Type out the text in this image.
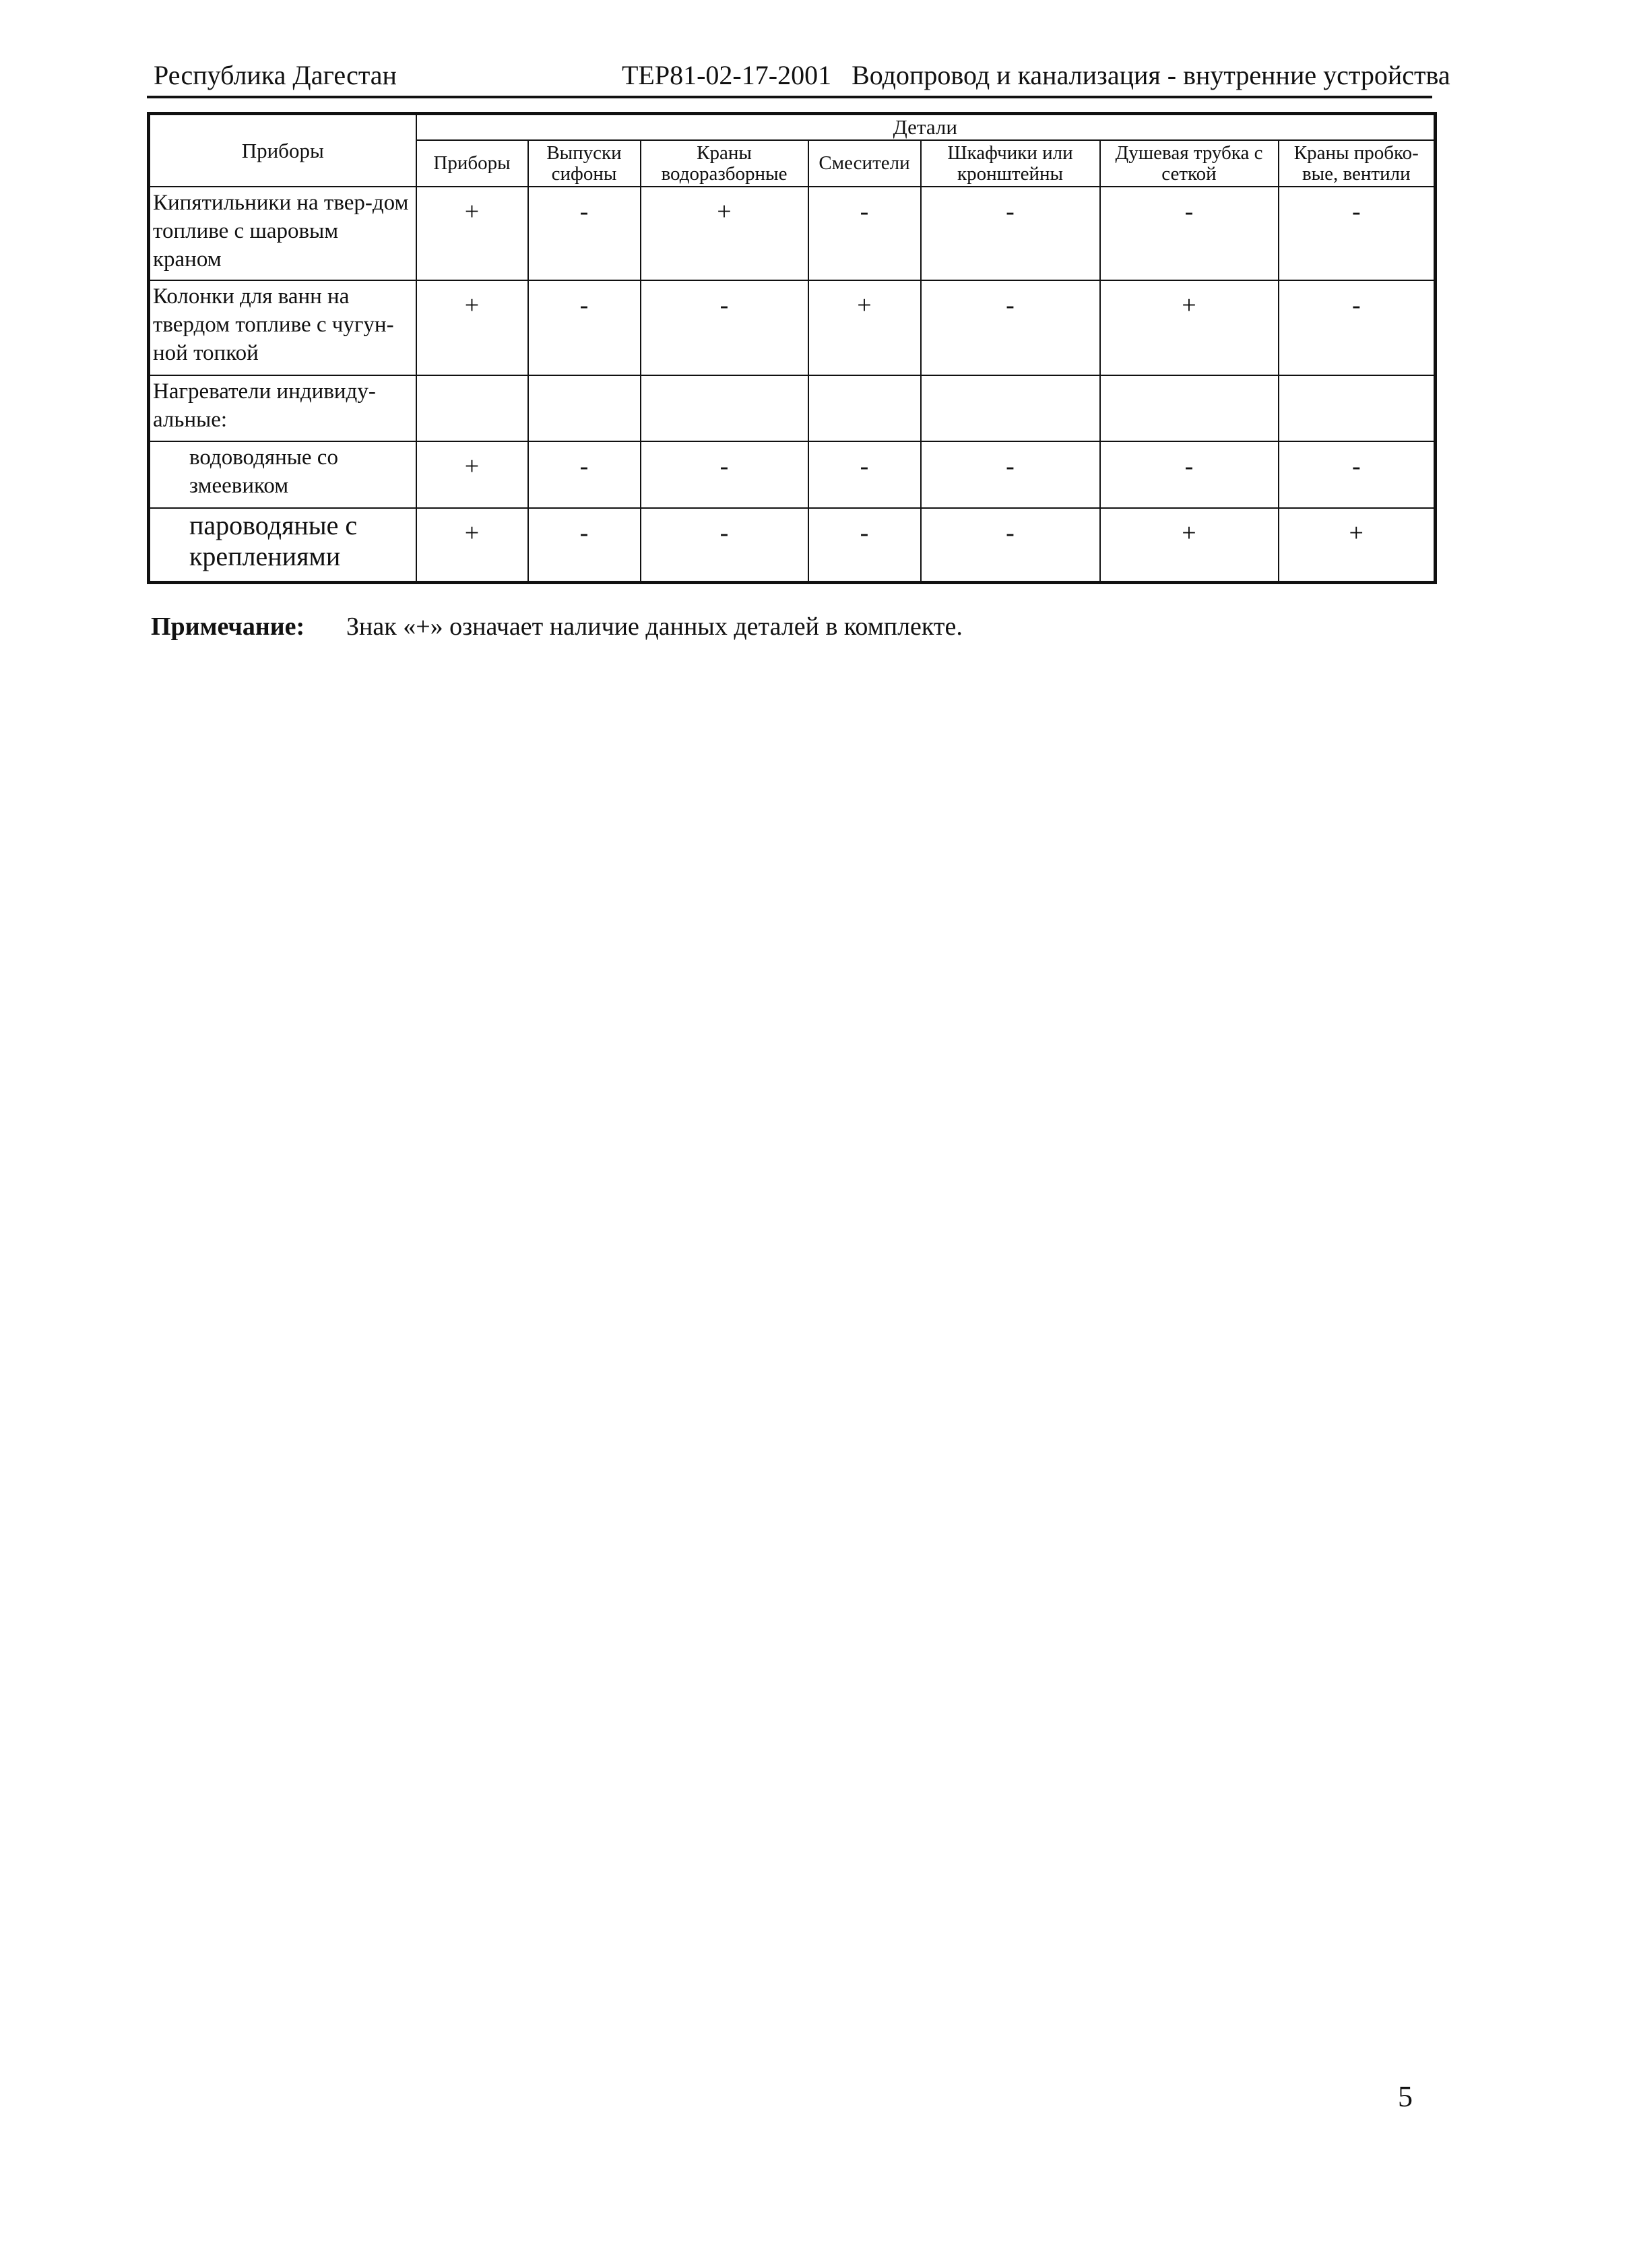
Республика Дагестан	ТЕР81-02-17-2001 Водопровод и канализация - внутренние устройства
Приборы	Детали						
	Приборы	Выпуски сифоны	Краны водоразборные	Смесители	Шкафчики или кронштейны	Душевая трубка с сеткой	Краны пробко-вые, вентили
Кипятильники на твер-дом топливе с шаровым краном	+	-	+	-	-	-	-
Колонки для ванн на твердом топливе с чугун-ной топкой	+	-	-	+	-	+	-
Нагреватели индивиду-альные:							
водоводяные со змеевиком	+	-	-	-	-	-	-
пароводяные с креплениями	+	-	-	-	-	+	+
Примечание: Знак «+» означает наличие данных деталей в комплекте.
5
